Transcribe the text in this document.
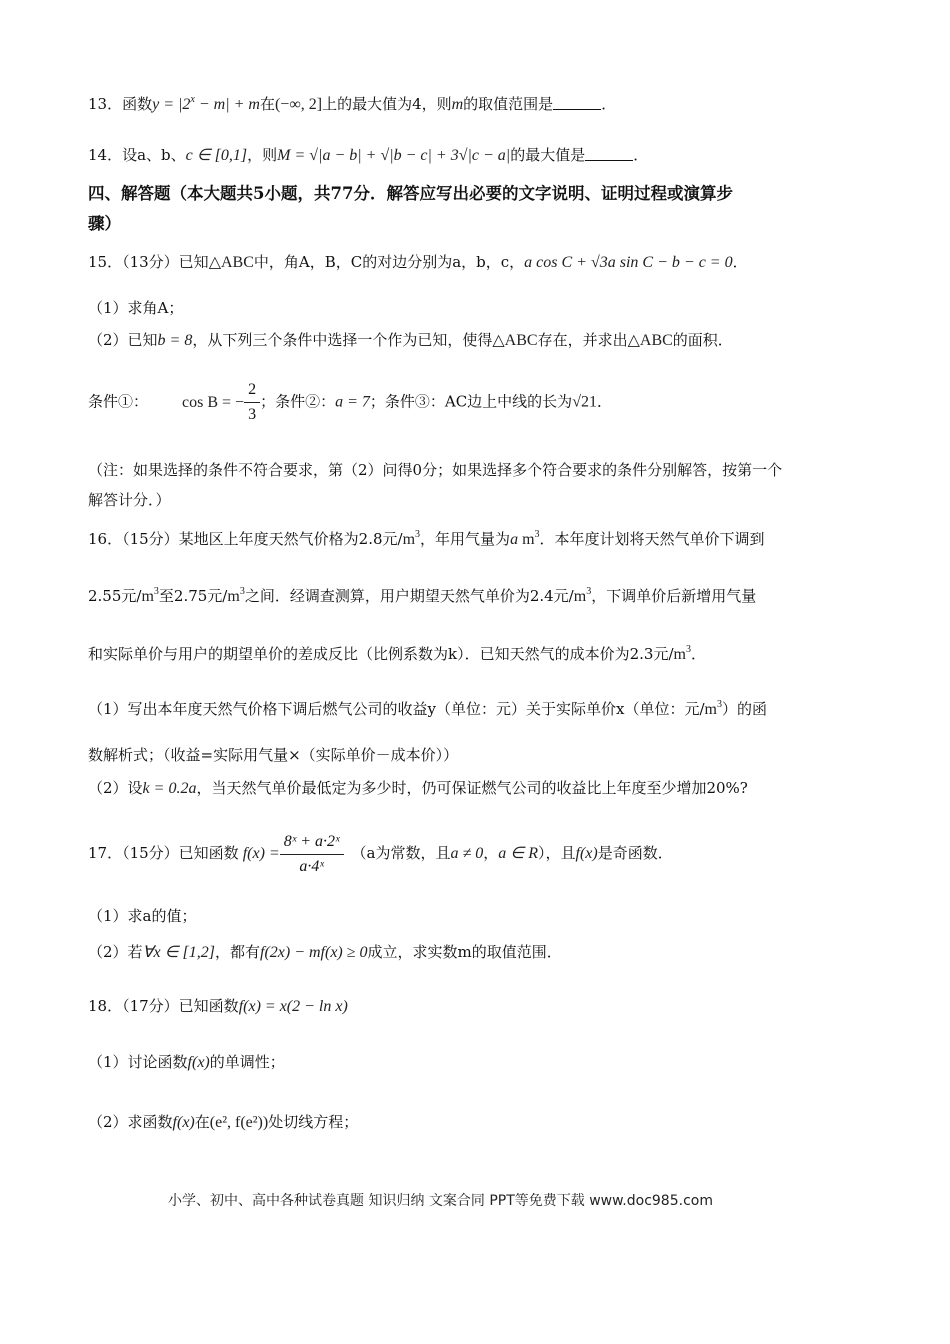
13．函数$y = |2^x - m| + m$在(−∞, 2]上的最大值为4，则m的取值范围是	．
14．设a、b、c ∈ [0,1]，则M = √|a − b| + √|b − c| + 3√|c − a|的最大值是	．
四、解答题（本大题共5小题，共77分．解答应写出必要的文字说明、证明过程或演算步
骤）
15．（13分）已知△ABC中，角A，B，C的对边分别为a，b，c，a cos C + √3a sin C − b − c = 0．
（1）求角A；
（2）已知b = 8，从下列三个条件中选择一个作为已知，使得△ABC存在，并求出△ABC的面积．
条件①： cos B = − $\frac{2}{3}$ ；条件②：a = 7；条件③：AC边上中线的长为√21．
（注：如果选择的条件不符合要求，第（2）问得0分；如果选择多个符合要求的条件分别解答，按第一个
解答计分．）
16．（15分）某地区上年度天然气价格为2.8元$/m^3$，年用气量为a $m^3$．本年度计划将天然气单价下调到
2.55元$/m^3$至2.75元$/m^3$之间．经调查测算，用户期望天然气单价为2.4元$/m^3$，下调单价后新增用气量
和实际单价与用户的期望单价的差成反比（比例系数为k）．已知天然气的成本价为2.3元$/m^3$．
（1）写出本年度天然气价格下调后燃气公司的收益y（单位：元）关于实际单价x（单位：元$/m^3$）的函
数解析式；（收益=实际用气量×（实际单价－成本价））
（2）设k = 0.2a，当天然气单价最低定为多少时，仍可保证燃气公司的收益比上年度至少增加20%?
17．（15分）已知函数 $f(x) = \frac{\text{8ˣ + a·2ˣ}}{\text{a·4ˣ}} (a$为常数，且a ≠ 0，a ∈ R），且f(x)是奇函数．
（1）求a的值；
（2）若∀x ∈ [1,2]，都有f(2x) − mf(x) ≥ 0成立，求实数m的取值范围．
18．（17分）已知函数f(x) = x(2 − ln x)
（1）讨论函数f(x)的单调性；
（2）求函数f(x)在(e², f(e²))处切线方程；
小学、初中、高中各种试卷真题 知识归纳 文案合同 PPT等免费下载 www.doc985.com
